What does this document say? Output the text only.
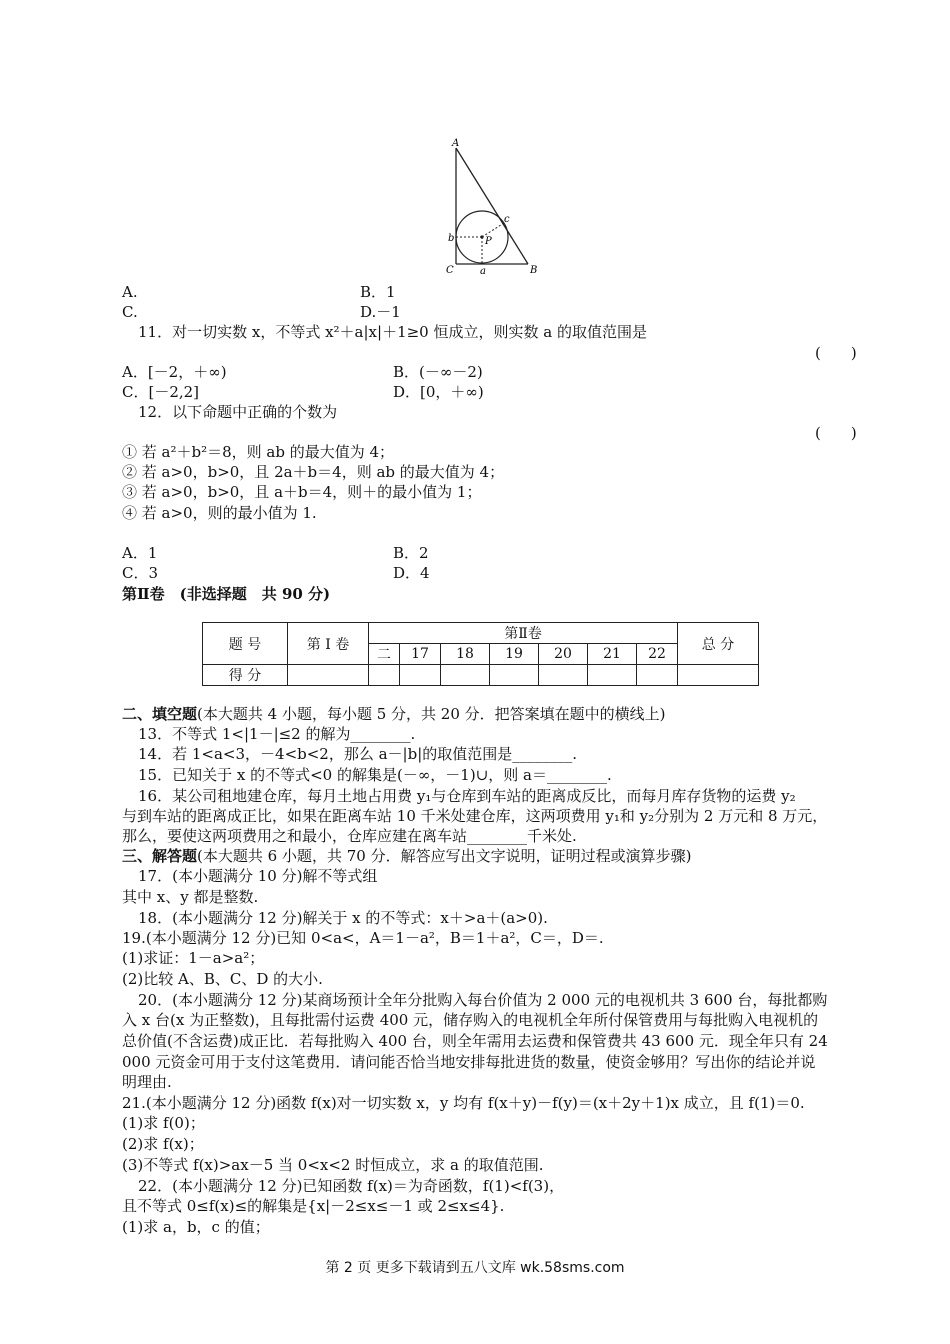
A
B
C
P
a
b
c
A.	B．1
C.	D.－1
11．对一切实数 x，不等式 x²＋a|x|＋1≥0 恒成立，则实数 a 的取值范围是
(　　)
A．[－2，＋∞)	B．(－∞－2)
C．[－2,2]	D．[0，＋∞)
12．以下命题中正确的个数为
(　　)
① 若 a²＋b²＝8，则 ab 的最大值为 4；
② 若 a>0，b>0，且 2a＋b＝4，则 ab 的最大值为 4；
③ 若 a>0，b>0，且 a＋b＝4，则＋的最小值为 1；
④ 若 a>0，则的最小值为 1.
A．1	B．2
C．3	D．4
第Ⅱ卷　(非选择题　共 90 分)
题 号	第 Ⅰ 卷	第Ⅱ卷							总 分
		二	17	18	19	20	21	22	
得 分									
二、填空题(本大题共 4 小题，每小题 5 分，共 20 分．把答案填在题中的横线上)
13．不等式 1<|1－|≤2 的解为________.
14．若 1<a<3，－4<b<2，那么 a－|b|的取值范围是________.
15．已知关于 x 的不等式<0 的解集是(－∞，－1)∪，则 a＝________.
16．某公司租地建仓库，每月土地占用费 y₁与仓库到车站的距离成反比，而每月库存货物的运费 y₂
与到车站的距离成正比，如果在距离车站 10 千米处建仓库，这两项费用 y₁和 y₂分别为 2 万元和 8 万元，
那么，要使这两项费用之和最小，仓库应建在离车站________千米处.
三、解答题(本大题共 6 小题，共 70 分．解答应写出文字说明，证明过程或演算步骤)
17．(本小题满分 10 分)解不等式组
其中 x、y 都是整数.
18．(本小题满分 12 分)解关于 x 的不等式：x＋>a＋(a>0).
19.(本小题满分 12 分)已知 0<a<，A＝1－a²，B＝1＋a²，C＝，D＝.
(1)求证：1－a>a²；
(2)比较 A、B、C、D 的大小.
20．(本小题满分 12 分)某商场预计全年分批购入每台价值为 2 000 元的电视机共 3 600 台，每批都购
入 x 台(x 为正整数)，且每批需付运费 400 元，储存购入的电视机全年所付保管费用与每批购入电视机的
总价值(不含运费)成正比．若每批购入 400 台，则全年需用去运费和保管费共 43 600 元．现全年只有 24
000 元资金可用于支付这笔费用．请问能否恰当地安排每批进货的数量，使资金够用？写出你的结论并说
明理由.
21.(本小题满分 12 分)函数 f(x)对一切实数 x，y 均有 f(x＋y)－f(y)＝(x＋2y＋1)x 成立，且 f(1)＝0.
(1)求 f(0)；
(2)求 f(x)；
(3)不等式 f(x)>ax－5 当 0<x<2 时恒成立，求 a 的取值范围.
22．(本小题满分 12 分)已知函数 f(x)＝为奇函数，f(1)<f(3)，
且不等式 0≤f(x)≤的解集是{x|－2≤x≤－1 或 2≤x≤4}.
(1)求 a，b，c 的值；
第 2 页 更多下载请到五八文库 wk.58sms.com
